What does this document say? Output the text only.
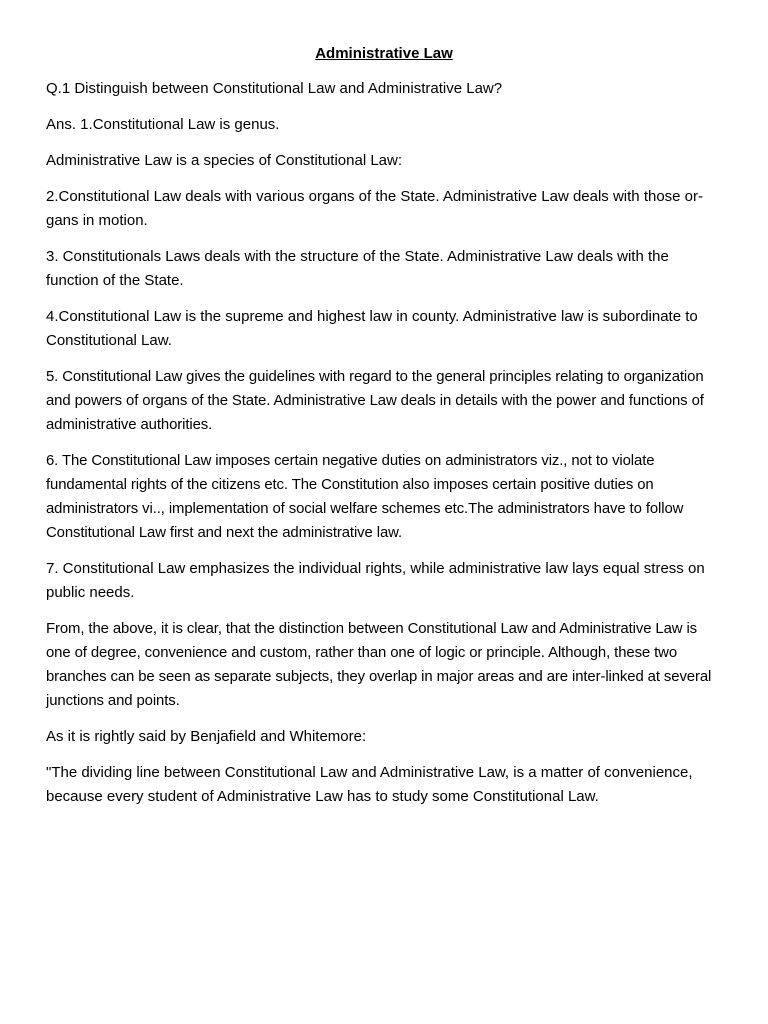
Administrative Law

Q.1 Distinguish between Constitutional Law and Administrative Law?

Ans. 1.Constitutional Law is genus.

Administrative Law is a species of Constitutional Law:

2.Constitutional Law deals with various organs of the State. Administrative Law deals with those or-gans in motion.

3. Constitutionals Laws deals with the structure of the State. Administrative Law deals with the function of the State.

4.Constitutional Law is the supreme and highest law in county. Administrative law is subordinate to Constitutional Law.

5. Constitutional Law gives the guidelines with regard to the general principles relating to organization and powers of organs of the State. Administrative Law deals in details with the power and functions of administrative authorities.

6. The Constitutional Law imposes certain negative duties on administrators viz., not to violate fundamental rights of the citizens etc. The Constitution also imposes certain positive duties on administrators vi.., implementation of social welfare schemes etc.The administrators have to follow Constitutional Law first and next the administrative law.

7. Constitutional Law emphasizes the individual rights, while administrative law lays equal stress on public needs.

From, the above, it is clear, that the distinction between Constitutional Law and Administrative Law is one of degree, convenience and custom, rather than one of logic or principle. Although, these two branches can be seen as separate subjects, they overlap in major areas and are inter-linked at several junctions and points.

As it is rightly said by Benjafield and Whitemore:

"The dividing line between Constitutional Law and Administrative Law, is a matter of convenience, because every student of Administrative Law has to study some Constitutional Law.
